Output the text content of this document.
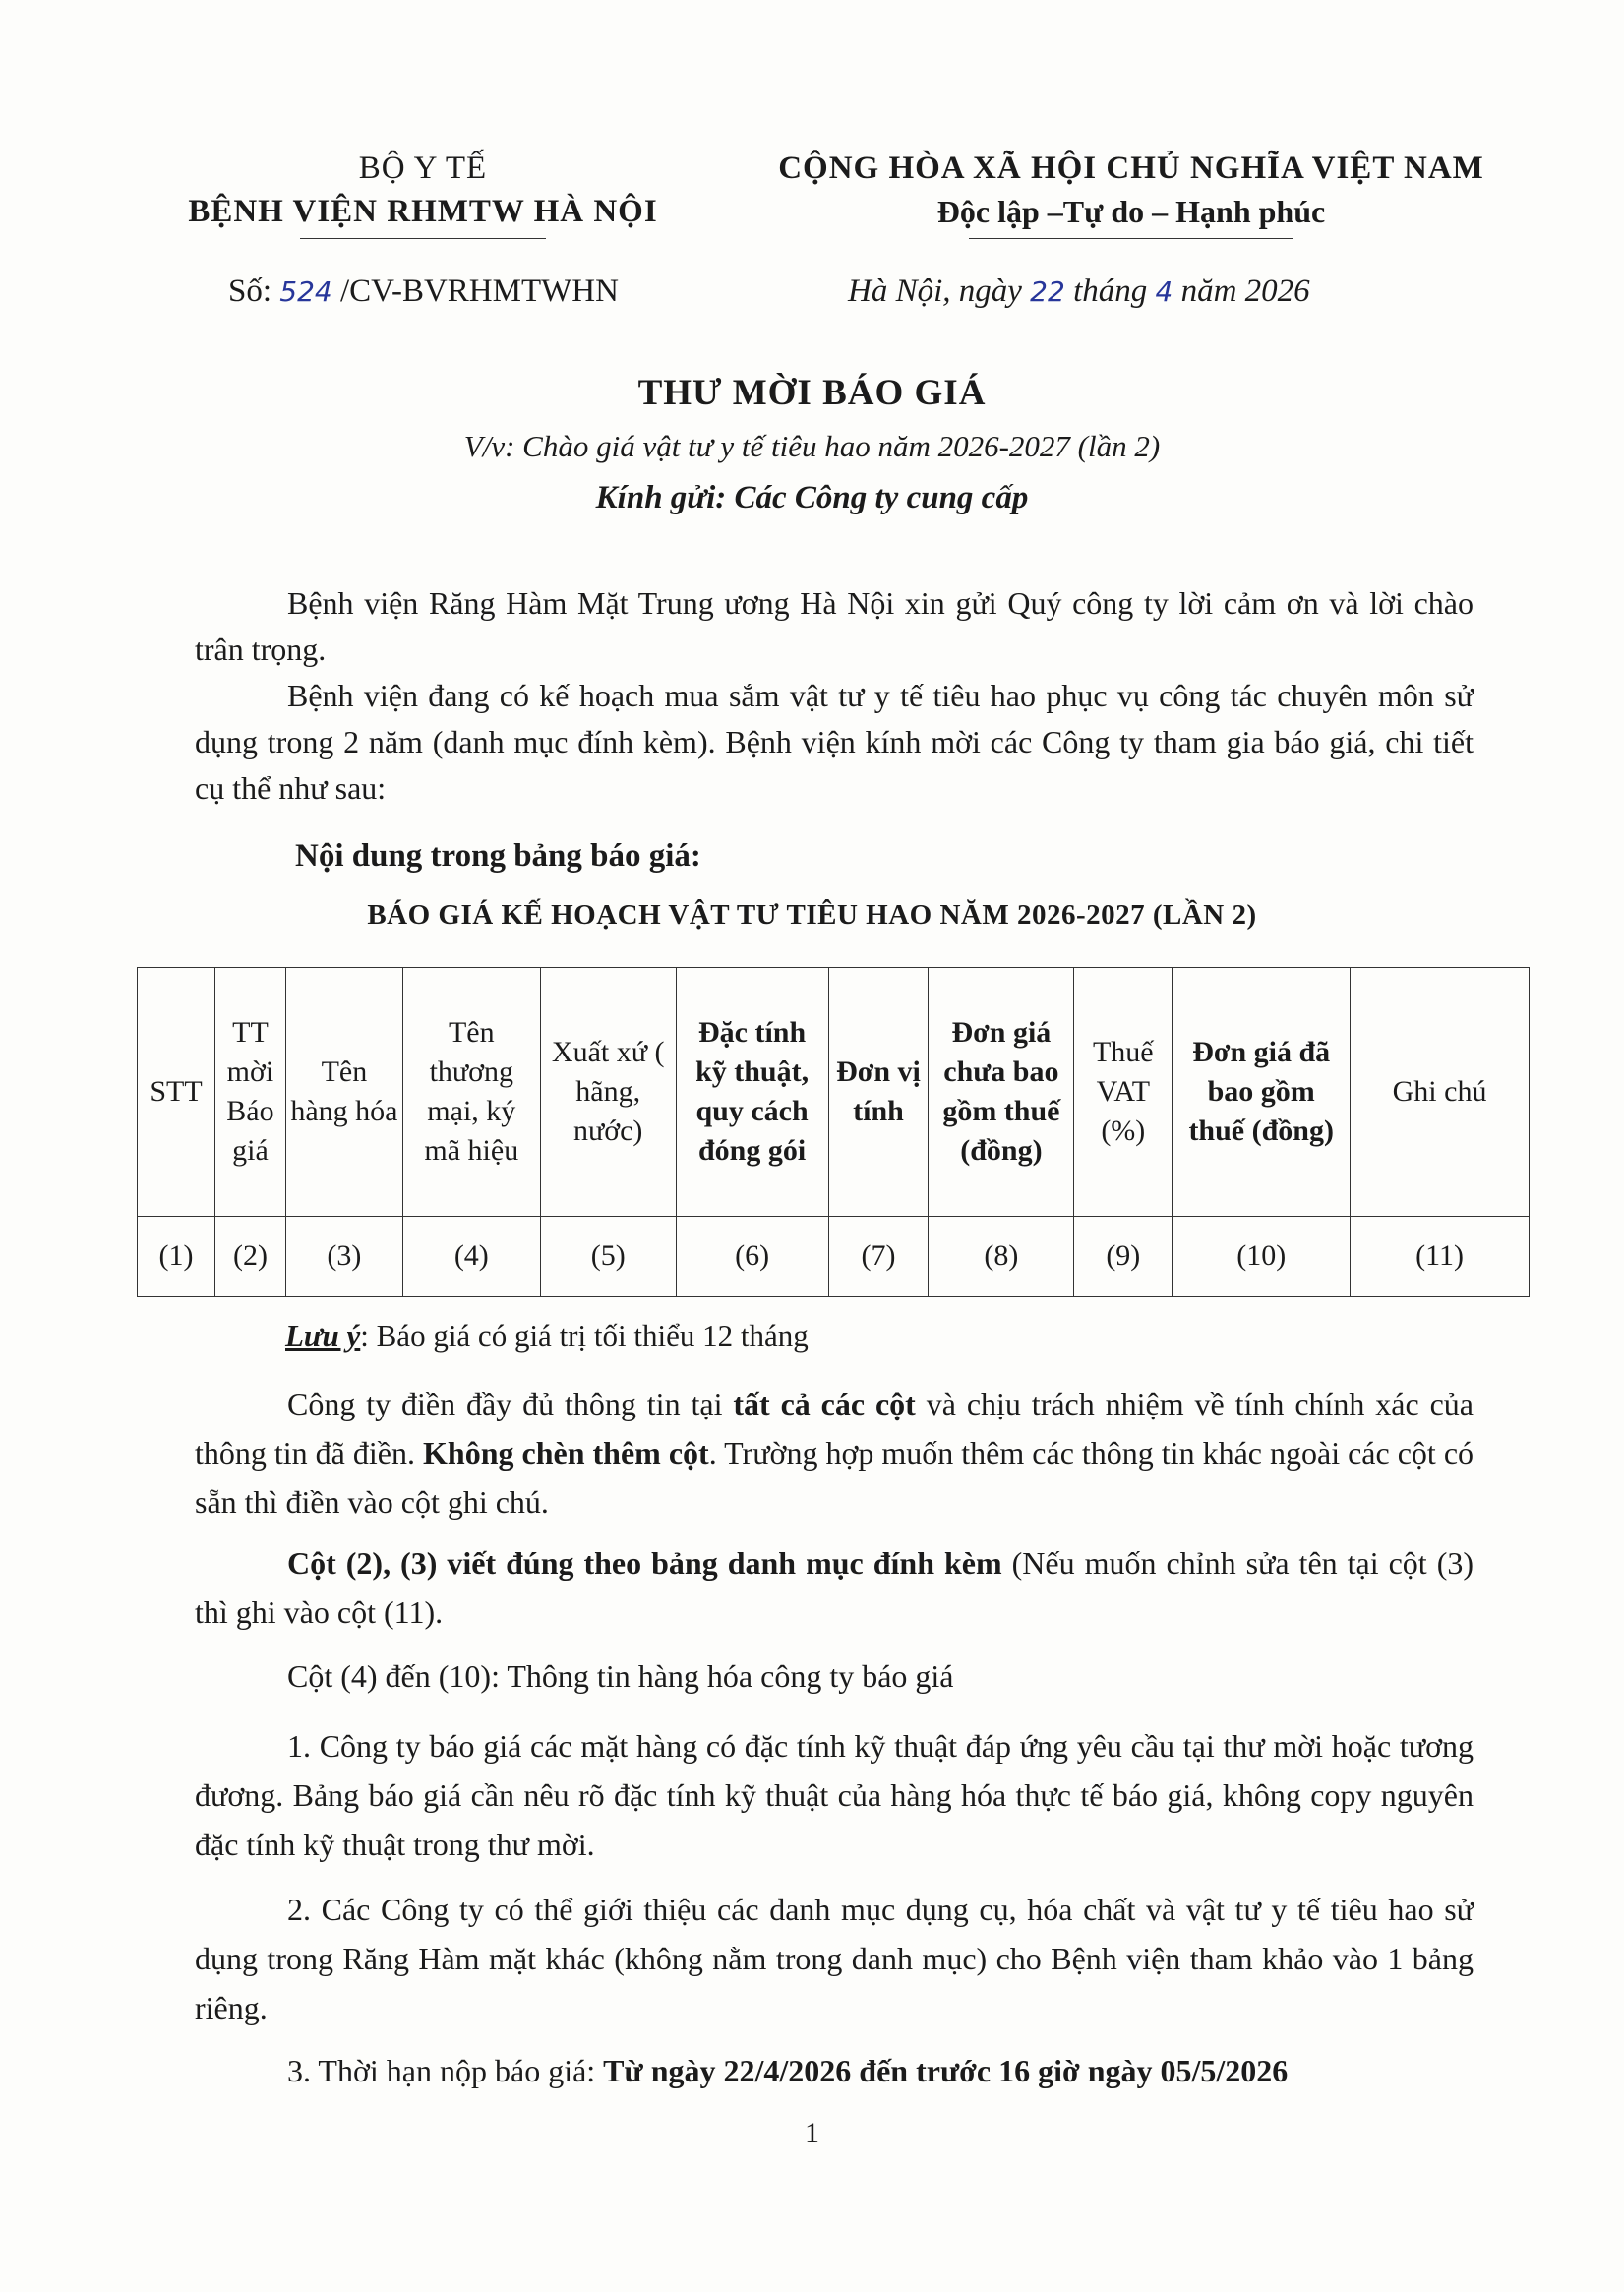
BỘ Y TẾ
BỆNH VIỆN RHMTW HÀ NỘI
CỘNG HÒA XÃ HỘI CHỦ NGHĨA VIỆT NAM
Độc lập –Tự do – Hạnh phúc
Số: 524 /CV-BVRHMTWHN	Hà Nội, ngày 22 tháng 4 năm 2026
THƯ MỜI BÁO GIÁ
V/v: Chào giá vật tư y tế tiêu hao năm 2026-2027 (lần 2)
Kính gửi: Các Công ty cung cấp
Bệnh viện Răng Hàm Mặt Trung ương Hà Nội xin gửi Quý công ty lời cảm ơn và lời chào trân trọng.
Bệnh viện đang có kế hoạch mua sắm vật tư y tế tiêu hao phục vụ công tác chuyên môn sử dụng trong 2 năm (danh mục đính kèm). Bệnh viện kính mời các Công ty tham gia báo giá, chi tiết cụ thể như sau:
Nội dung trong bảng báo giá:
BÁO GIÁ KẾ HOẠCH VẬT TƯ TIÊU HAO NĂM 2026-2027 (LẦN 2)
STT	TT mời Báo giá	Tên hàng hóa	Tên thương mại, ký mã hiệu	Xuất xứ ( hãng, nước)	Đặc tính kỹ thuật, quy cách đóng gói	Đơn vị tính	Đơn giá chưa bao gồm thuế (đồng)	Thuế VAT (%)	Đơn giá đã bao gồm thuế (đồng)	Ghi chú
(1)	(2)	(3)	(4)	(5)	(6)	(7)	(8)	(9)	(10)	(11)
Lưu ý: Báo giá có giá trị tối thiểu 12 tháng
Công ty điền đầy đủ thông tin tại tất cả các cột và chịu trách nhiệm về tính chính xác của thông tin đã điền. Không chèn thêm cột. Trường hợp muốn thêm các thông tin khác ngoài các cột có sẵn thì điền vào cột ghi chú.
Cột (2), (3) viết đúng theo bảng danh mục đính kèm (Nếu muốn chỉnh sửa tên tại cột (3) thì ghi vào cột (11).
Cột (4) đến (10): Thông tin hàng hóa công ty báo giá
1. Công ty báo giá các mặt hàng có đặc tính kỹ thuật đáp ứng yêu cầu tại thư mời hoặc tương đương. Bảng báo giá cần nêu rõ đặc tính kỹ thuật của hàng hóa thực tế báo giá, không copy nguyên đặc tính kỹ thuật trong thư mời.
2. Các Công ty có thể giới thiệu các danh mục dụng cụ, hóa chất và vật tư y tế tiêu hao sử dụng trong Răng Hàm mặt khác (không nằm trong danh mục) cho Bệnh viện tham khảo vào 1 bảng riêng.
3. Thời hạn nộp báo giá: Từ ngày 22/4/2026 đến trước 16 giờ ngày 05/5/2026
1
